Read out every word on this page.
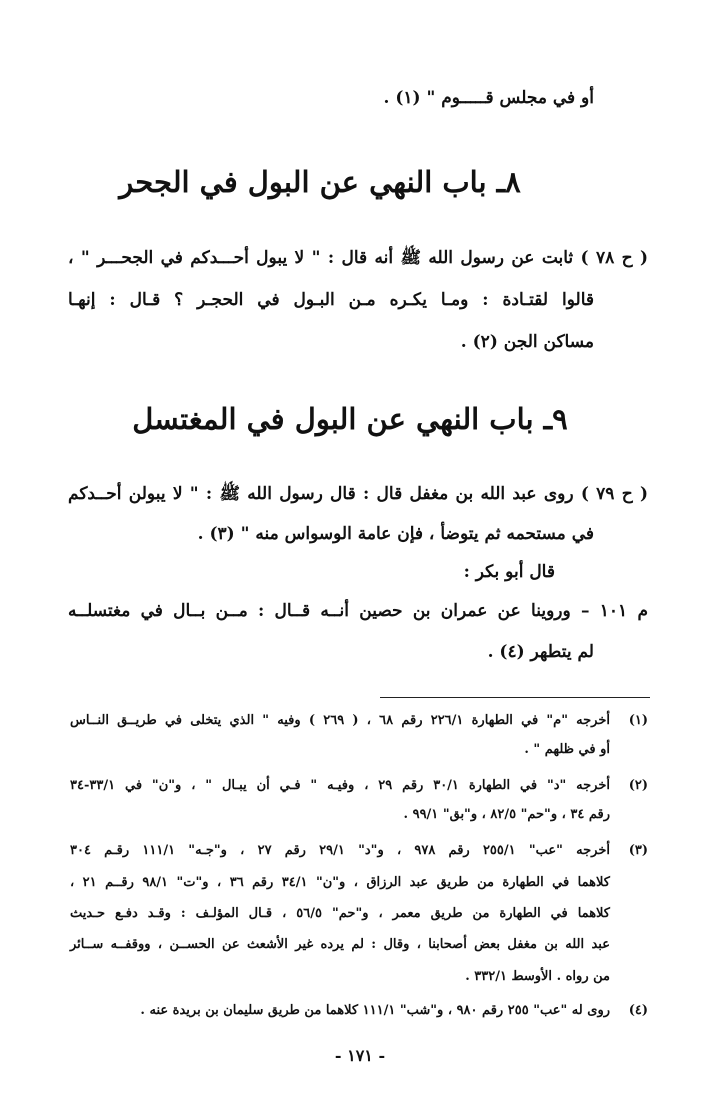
أو في مجلس قـــــوم " (١) .
٨ـ باب النهي عن البول في الجحر
( ح ٧٨ ) ثابت عن رسول الله ﷺ أنه قال : " لا يبول أحـــدكم في الجحـــر " ،
قالوا لقتـادة : ومـا يكـره مـن البـول في الحجـر ؟ قـال : إنهـا
مساكن الجن (٢) .
٩ـ باب النهي عن البول في المغتسل
( ح ٧٩ ) روى عبد الله بن مغفل قال : قال رسول الله ﷺ : " لا يبولن أحــدكم
في مستحمه ثم يتوضأ ، فإن عامة الوسواس منه " (٣) .
قال أبو بكر :
م ١٠١ – وروينا عن عمران بن حصين أنــه قــال : مــن بــال في مغتسلــه
لم يتطهر (٤) .
(١)
أخرجه "م" في الطهارة ٢٢٦/١ رقم ٦٨ ، ( ٢٦٩ ) وفيه " الذي يتخلى في طريــق النــاس
أو في ظلهم " .
(٢)
أخرجه "د" في الطهارة ٣٠/١ رقم ٢٩ ، وفيـه " فـي أن يبـال " ، و"ن" في ٣٣/١-٣٤
رقم ٣٤ ، و"حم" ٨٢/٥ ، و"بق" ٩٩/١ .
(٣)
أخرجه "عب" ٢٥٥/١ رقم ٩٧٨ ، و"د" ٢٩/١ رقم ٢٧ ، و"جـه" ١١١/١ رقـم ٣٠٤
كلاهما في الطهارة من طريق عبد الرزاق ، و"ن" ٣٤/١ رقم ٣٦ ، و"ت" ٩٨/١ رقــم ٢١ ،
كلاهما في الطهارة من طريق معمر ، و"حم" ٥٦/٥ ، قـال المؤلـف : وقـد دفـع حـديث
عبد الله بن مغفل بعض أصحابنا ، وقال : لم يرده غير الأشعث عن الحســن ، ووقفــه ســائر
من رواه . الأوسط ٣٣٢/١ .
(٤)
روى له "عب" ٢٥٥ رقم ٩٨٠ ، و"شب" ١١١/١ كلاهما من طريق سليمان بن بريدة عنه .
- ١٧١ -
